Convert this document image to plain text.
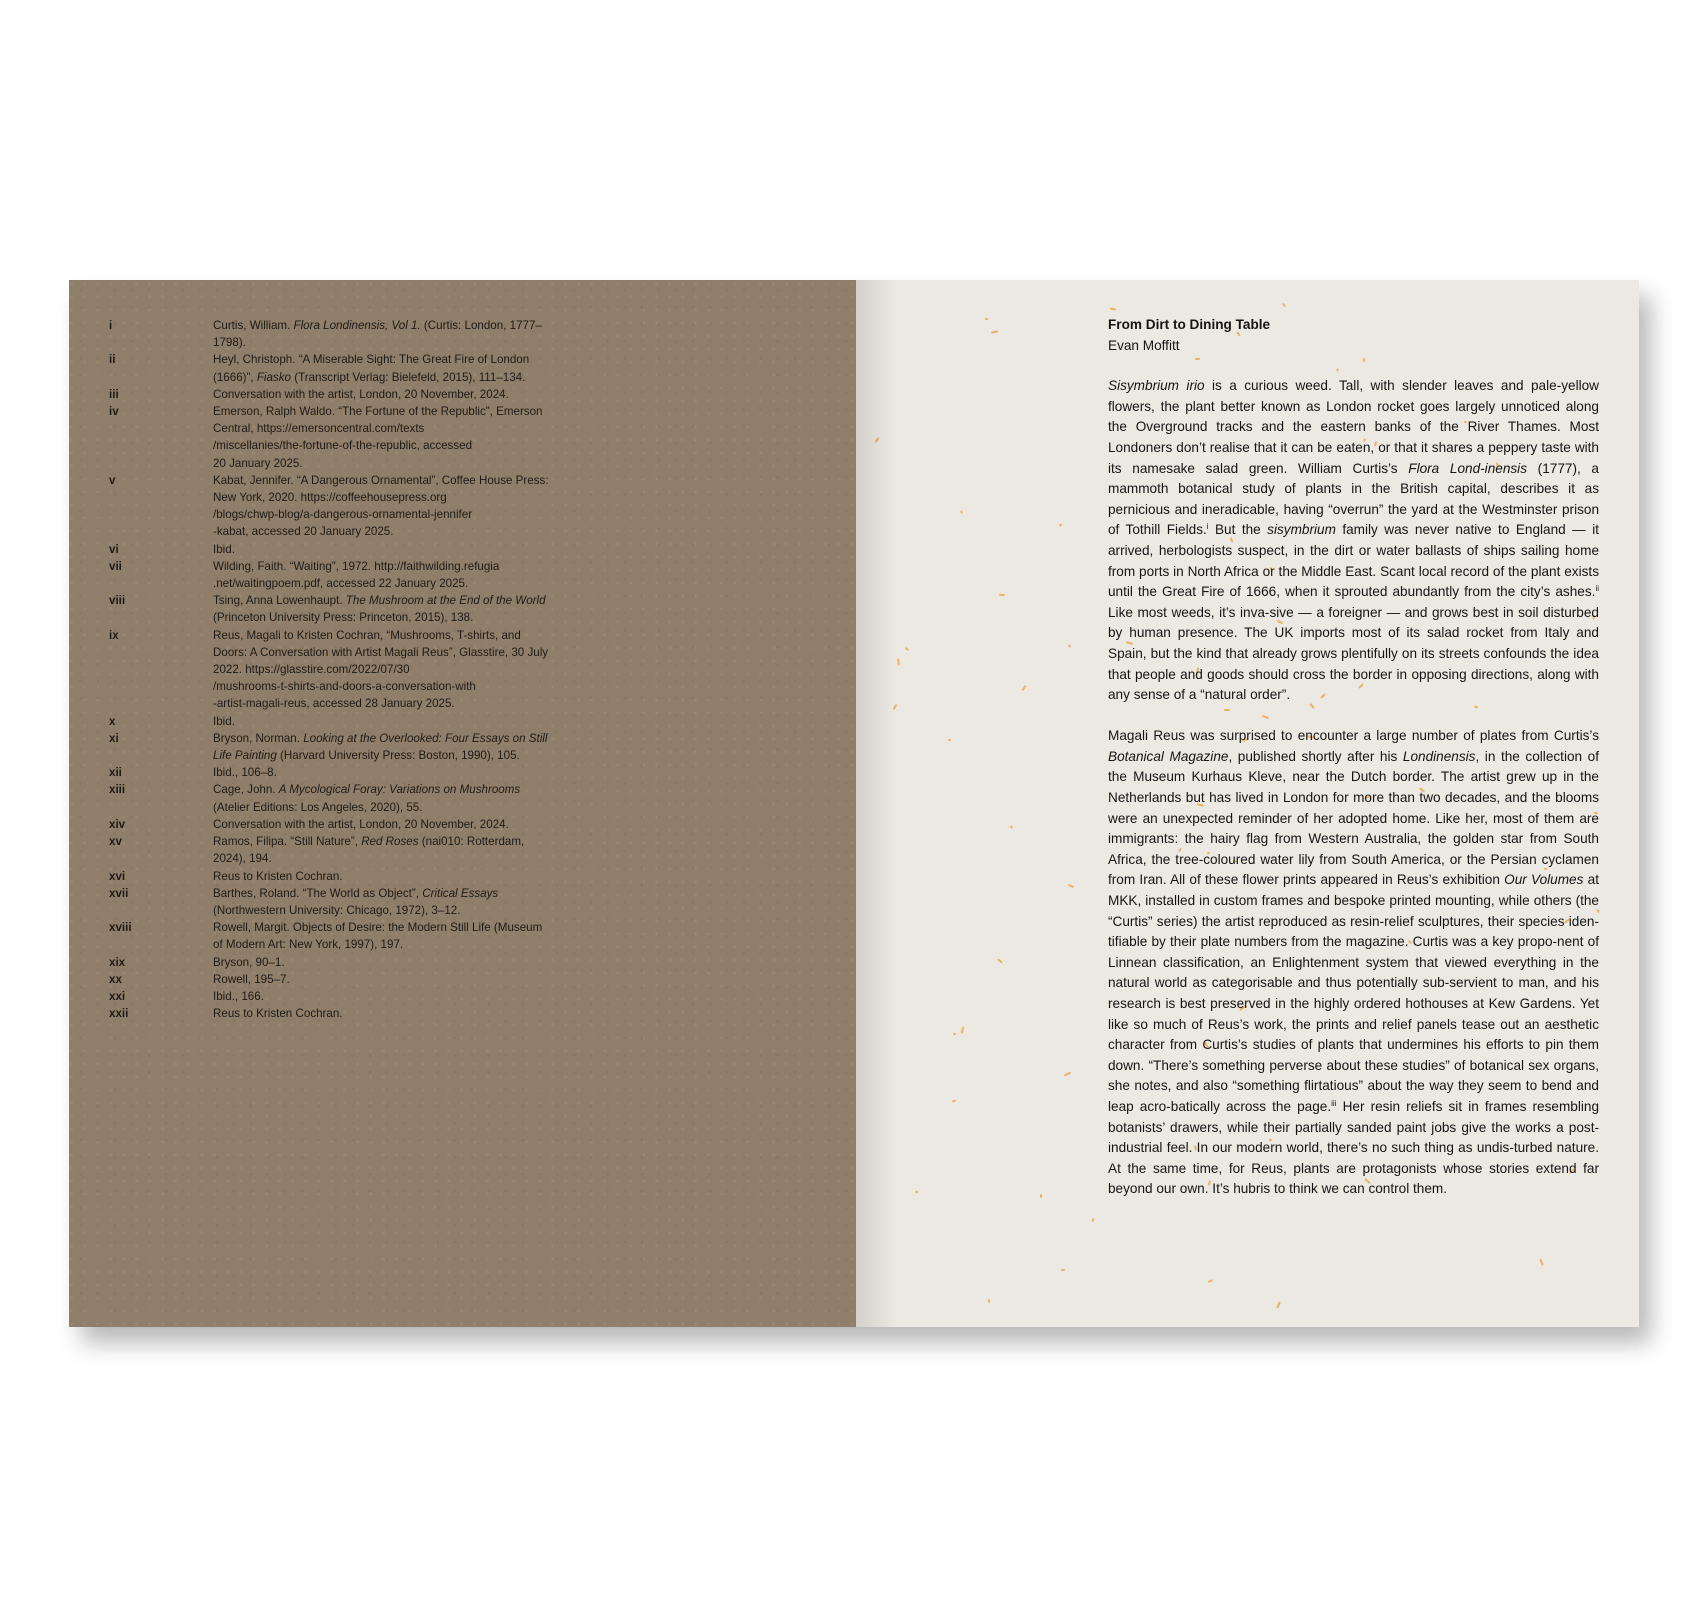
i	Curtis, William. Flora Londinensis, Vol 1. (Curtis: London, 1777–1798).
ii	Heyl, Christoph. “A Miserable Sight: The Great Fire of London (1666)”, Fiasko (Transcript Verlag: Bielefeld, 2015), 111–134.
iii	Conversation with the artist, London, 20 November, 2024.
iv	Emerson, Ralph Waldo. “The Fortune of the Republic”, Emerson Central, https://emersoncentral.com/texts
/miscellanies/the-fortune-of-the-republic, accessed
20 January 2025.
v	Kabat, Jennifer. “A Dangerous Ornamental”, Coffee House Press: New York, 2020. https://coffeehousepress.org
/blogs/chwp-blog/a-dangerous-ornamental-jennifer
-kabat, accessed 20 January 2025.
vi	Ibid.
vii	Wilding, Faith. “Waiting”, 1972. http://faithwilding.refugia
.net/waitingpoem.pdf, accessed 22 January 2025.
viii	Tsing, Anna Lowenhaupt. The Mushroom at the End of the World (Princeton University Press: Princeton, 2015), 138.
ix	Reus, Magali to Kristen Cochran, “Mushrooms, T-shirts, and Doors: A Conversation with Artist Magali Reus”, Glasstire, 30 July 2022. https://glasstire.com/2022/07/30
/mushrooms-t-shirts-and-doors-a-conversation-with
-artist-magali-reus, accessed 28 January 2025.
x	Ibid.
xi	Bryson, Norman. Looking at the Overlooked: Four Essays on Still Life Painting (Harvard University Press: Boston, 1990), 105.
xii	Ibid., 106–8.
xiii	Cage, John. A Mycological Foray: Variations on Mushrooms (Atelier Editions: Los Angeles, 2020), 55.
xiv	Conversation with the artist, London, 20 November, 2024.
xv	Ramos, Filipa. “Still Nature”, Red Roses (nai010: Rotterdam, 2024), 194.
xvi	Reus to Kristen Cochran.
xvii	Barthes, Roland. “The World as Object”, Critical Essays (Northwestern University: Chicago, 1972), 3–12.
xviii	Rowell, Margit. Objects of Desire: the Modern Still Life (Museum of Modern Art: New York, 1997), 197.
xix	Bryson, 90–1.
xx	Rowell, 195–7.
xxi	Ibid., 166.
xxii	Reus to Kristen Cochran.

From Dirt to Dining Table

Evan Moffitt

Sisymbrium irio is a curious weed. Tall, with slender leaves and pale-yellow flowers, the plant better known as London rocket goes largely unnoticed along the Overground tracks and the eastern banks of the River Thames. Most Londoners don’t realise that it can be eaten, or that it shares a peppery taste with its namesake salad green. William Curtis’s Flora Lond-inensis (1777), a mammoth botanical study of plants in the British capital, describes it as pernicious and ineradicable, having “overrun” the yard at the Westminster prison of Tothill Fields.$^i$ But the sisymbrium family was never native to England — it arrived, herbologists suspect, in the dirt or water ballasts of ships sailing home from ports in North Africa or the Middle East. Scant local record of the plant exists until the Great Fire of 1666, when it sprouted abundantly from the city’s ashes.$^{ii}$ Like most weeds, it’s inva-sive — a foreigner — and grows best in soil disturbed by human presence. The UK imports most of its salad rocket from Italy and Spain, but the kind that already grows plentifully on its streets confounds the idea that people and goods should cross the border in opposing directions, along with any sense of a “natural order”.

Magali Reus was surprised to encounter a large number of plates from Curtis’s Botanical Magazine, published shortly after his Londinensis, in the collection of the Museum Kurhaus Kleve, near the Dutch border. The artist grew up in the Netherlands but has lived in London for more than two decades, and the blooms were an unexpected reminder of her adopted home. Like her, most of them are immigrants: the hairy flag from Western Australia, the golden star from South Africa, the tree-coloured water lily from South America, or the Persian cyclamen from Iran. All of these flower prints appeared in Reus’s exhibition Our Volumes at MKK, installed in custom frames and bespoke printed mounting, while others (the “Curtis” series) the artist reproduced as resin-relief sculptures, their species iden-tifiable by their plate numbers from the magazine. Curtis was a key propo-nent of Linnean classification, an Enlightenment system that viewed everything in the natural world as categorisable and thus potentially sub-servient to man, and his research is best preserved in the highly ordered hothouses at Kew Gardens. Yet like so much of Reus’s work, the prints and relief panels tease out an aesthetic character from Curtis’s studies of plants that undermines his efforts to pin them down. “There’s something perverse about these studies” of botanical sex organs, she notes, and also “something flirtatious” about the way they seem to bend and leap acro-batically across the page.$^{iii}$ Her resin reliefs sit in frames resembling botanists’ drawers, while their partially sanded paint jobs give the works a post-industrial feel. In our modern world, there’s no such thing as undis-turbed nature. At the same time, for Reus, plants are protagonists whose stories extend far beyond our own. It’s hubris to think we can control them.
